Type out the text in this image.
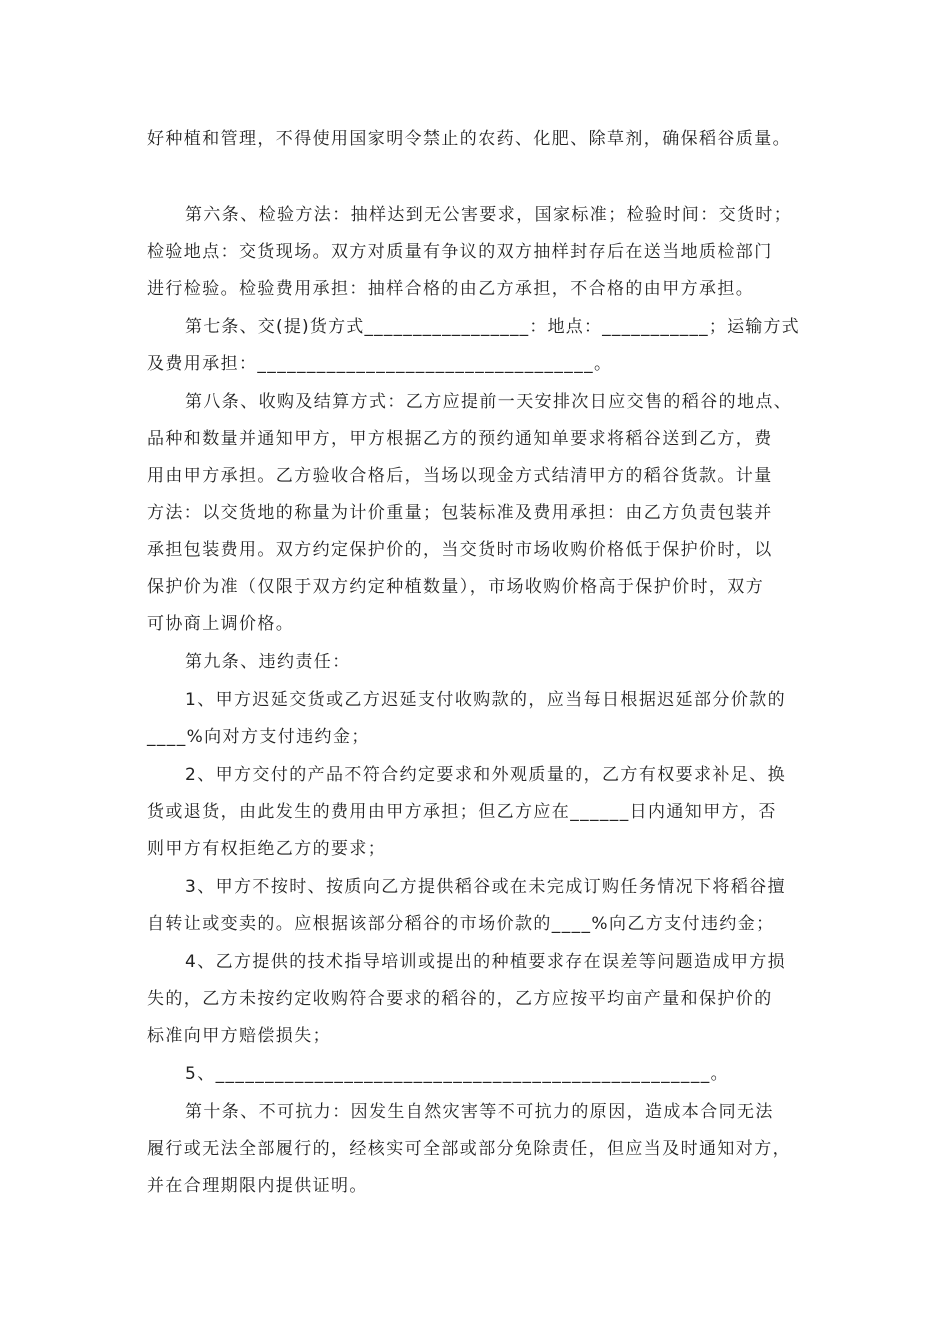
好种植和管理，不得使用国家明令禁止的农药、化肥、除草剂，确保稻谷质量。
第六条、检验方法：抽样达到无公害要求，国家标准；检验时间：交货时；
检验地点：交货现场。双方对质量有争议的双方抽样封存后在送当地质检部门
进行检验。检验费用承担：抽样合格的由乙方承担，不合格的由甲方承担。
第七条、交(提)货方式_________________：地点：___________；运输方式
及费用承担：__________________________________。
第八条、收购及结算方式：乙方应提前一天安排次日应交售的稻谷的地点、
品种和数量并通知甲方，甲方根据乙方的预约通知单要求将稻谷送到乙方，费
用由甲方承担。乙方验收合格后，当场以现金方式结清甲方的稻谷货款。计量
方法：以交货地的称量为计价重量；包装标准及费用承担：由乙方负责包装并
承担包装费用。双方约定保护价的，当交货时市场收购价格低于保护价时，以
保护价为准（仅限于双方约定种植数量），市场收购价格高于保护价时，双方
可协商上调价格。
第九条、违约责任：
1、甲方迟延交货或乙方迟延支付收购款的，应当每日根据迟延部分价款的
____%向对方支付违约金；
2、甲方交付的产品不符合约定要求和外观质量的，乙方有权要求补足、换
货或退货，由此发生的费用由甲方承担；但乙方应在______日内通知甲方，否
则甲方有权拒绝乙方的要求；
3、甲方不按时、按质向乙方提供稻谷或在未完成订购任务情况下将稻谷擅
自转让或变卖的。应根据该部分稻谷的市场价款的____%向乙方支付违约金；
4、乙方提供的技术指导培训或提出的种植要求存在误差等问题造成甲方损
失的，乙方未按约定收购符合要求的稻谷的，乙方应按平均亩产量和保护价的
标准向甲方赔偿损失；
5、__________________________________________________。
第十条、不可抗力：因发生自然灾害等不可抗力的原因，造成本合同无法
履行或无法全部履行的，经核实可全部或部分免除责任，但应当及时通知对方，
并在合理期限内提供证明。
